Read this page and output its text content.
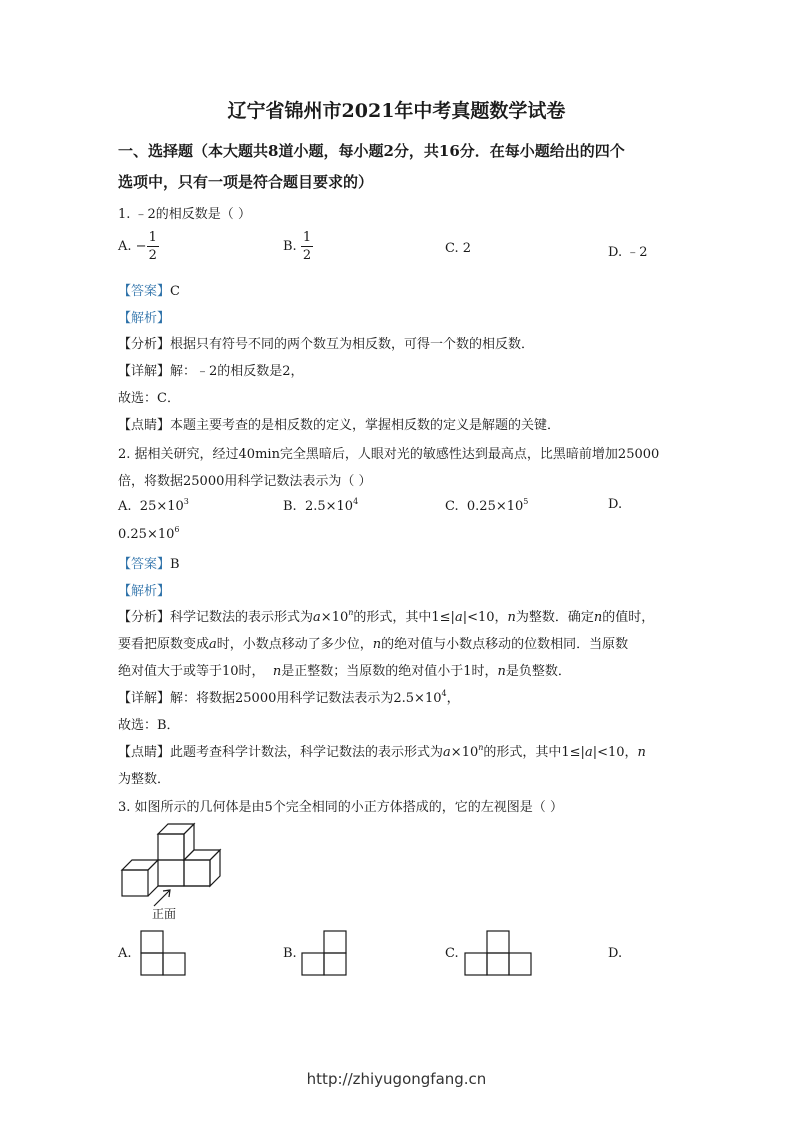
辽宁省锦州市2021年中考真题数学试卷
一、选择题（本大题共8道小题，每小题2分，共16分．在每小题给出的四个
选项中，只有一项是符合题目要求的）
1. ﹣2的相反数是（ ）
A. − $\frac{1}{2}$	B. $\frac{1}{2}$	C. 2	D. ﹣2
【答案】C
【解析】
【分析】根据只有符号不同的两个数互为相反数，可得一个数的相反数．
【详解】解：﹣2的相反数是2，
故选：C．
【点睛】本题主要考查的是相反数的定义，掌握相反数的定义是解题的关键．
2. 据相关研究，经过40min完全黑暗后，人眼对光的敏感性达到最高点，比黑暗前增加25000
倍，将数据25000用科学记数法表示为（ ）
A. $25\times 10^3$	B. $2.5\times 10^4$	C. $0.25\times 10^5$	D.
$0.25\times 10^6$
【答案】B
【解析】
【分析】科学记数法的表示形式为$a\times 10^n$的形式，其中1≤|a|<10，n为整数．确定n的值时，
要看把原数变成a时，小数点移动了多少位，n的绝对值与小数点移动的位数相同．当原数
绝对值大于或等于10时， n是正整数；当原数的绝对值小于1时，n是负整数．
【详解】解：将数据25000用科学记数法表示为$2.5\times 10^4$，
故选：B．
【点睛】此题考查科学计数法，科学记数法的表示形式为$a\times 10^n$的形式，其中1≤|a|<10，n
为整数．
3. 如图所示的几何体是由5个完全相同的小正方体搭成的，它的左视图是（ ）
正面
A.	B.	C.	D.
http://zhiyugongfang.cn
